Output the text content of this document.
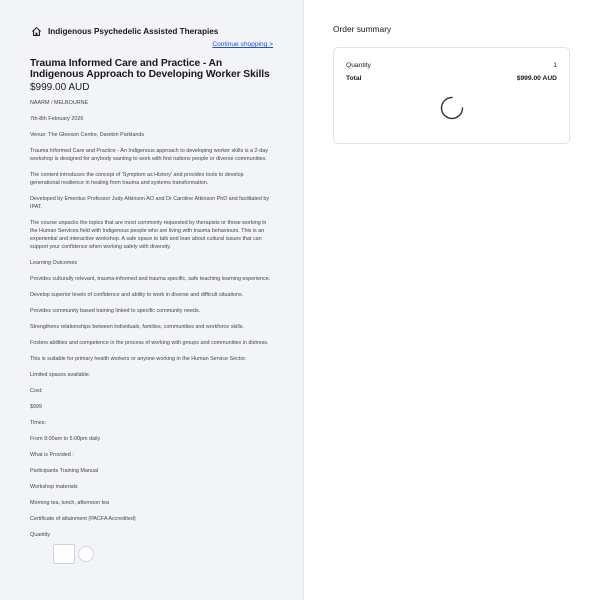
Indigenous Psychedelic Assisted Therapies
Continue shopping >
Trauma Informed Care and Practice - An Indigenous Approach to Developing Worker Skills
$999.00 AUD
NAARM / MELBOURNE
7th-8th February 2026
Venue: The Gleeson Centre, Darebin Parklands
Trauma Informed Care and Practice - An Indigenous approach to developing worker skills is a 2-day workshop is designed for anybody wanting to work with first nations people or diverse communities.
The content introduces the concept of 'Symptom as History' and provides tools to develop generational resilience in healing from trauma and systems transformation.
Developed by Emeritus Professor Judy Atkinson AO and Dr Caroline Atkinson PhD and facilitated by IPAT.
The course unpacks the topics that are most commonly requested by therapists or those working in the Human Services field with Indigenous people who are living with trauma behaviours. This is an experiential and interactive workshop. A safe space to talk and lean about cultural issues that can support your confidence when working safely with diversity.
Learning Outcomes
Provides culturally relevant, trauma-informed and trauma specific, safe teaching learning experience.
Develop superior levels of confidence and ability to work in diverse and difficult situations.
Provides community based training linked to specific community needs.
Strengthens relationships between individuals, families, communities and workforce skills.
Fosters abilities and competence in the process of working with groups and communities in distress.
This is suitable for primary health workers or anyone working in the Human Service Sector.
Limited spaces available.
Cost:
$999
Times:
From 9:00am to 5:00pm daily
What is Provided :
Participants Training Manual
Workshop materials
Morning tea, lunch, afternoon tea
Certificate of attainment (PACFA Accredited)
Quantity
Order summary
Quantity	1
Total	$999.00 AUD
